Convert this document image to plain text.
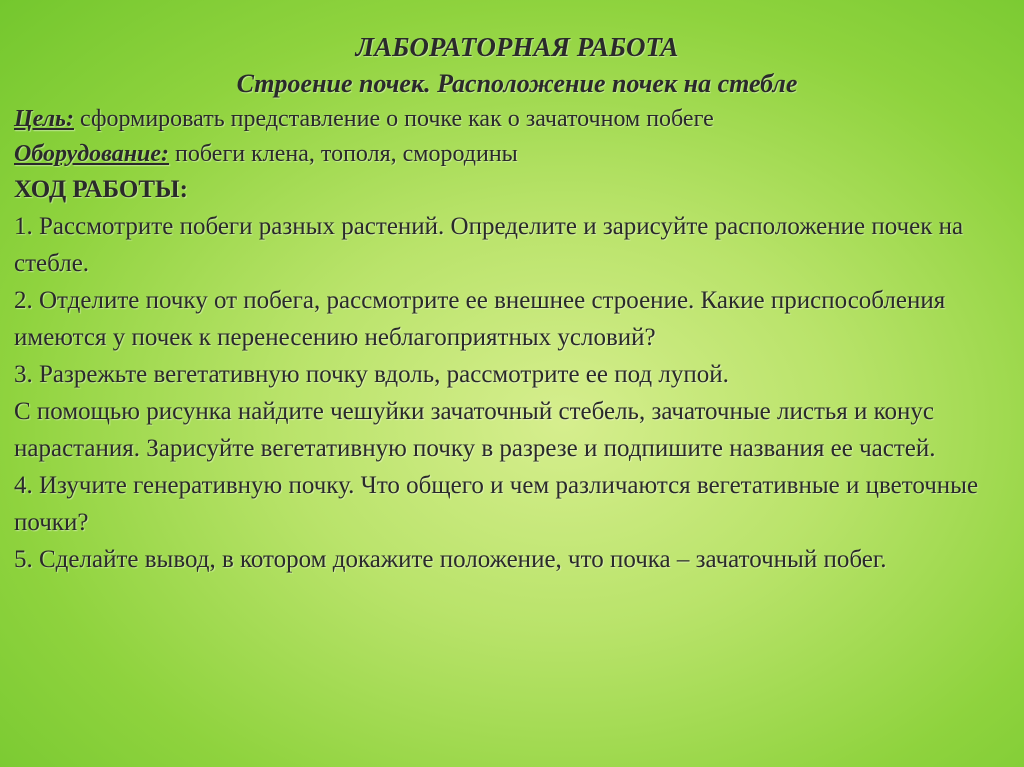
ЛАБОРАТОРНАЯ РАБОТА

Строение почек. Расположение почек на стебле

Цель: сформировать представление о почке как о зачаточном побеге

Оборудование: побеги клена, тополя, смородины

ХОД РАБОТЫ:

1. Рассмотрите побеги разных растений. Определите и зарисуйте расположение почек на стебле.

2. Отделите почку от побега, рассмотрите ее внешнее строение. Какие приспособления имеются у почек к перенесению неблагоприятных условий?

3. Разрежьте вегетативную почку вдоль, рассмотрите ее под лупой.

С помощью рисунка найдите чешуйки зачаточный стебель, зачаточные листья и конус нарастания. Зарисуйте вегетативную почку в разрезе и подпишите названия ее частей.

4. Изучите генеративную почку. Что общего и чем различаются вегетативные и цветочные почки?

5. Сделайте вывод, в котором докажите положение, что почка – зачаточный побег.
